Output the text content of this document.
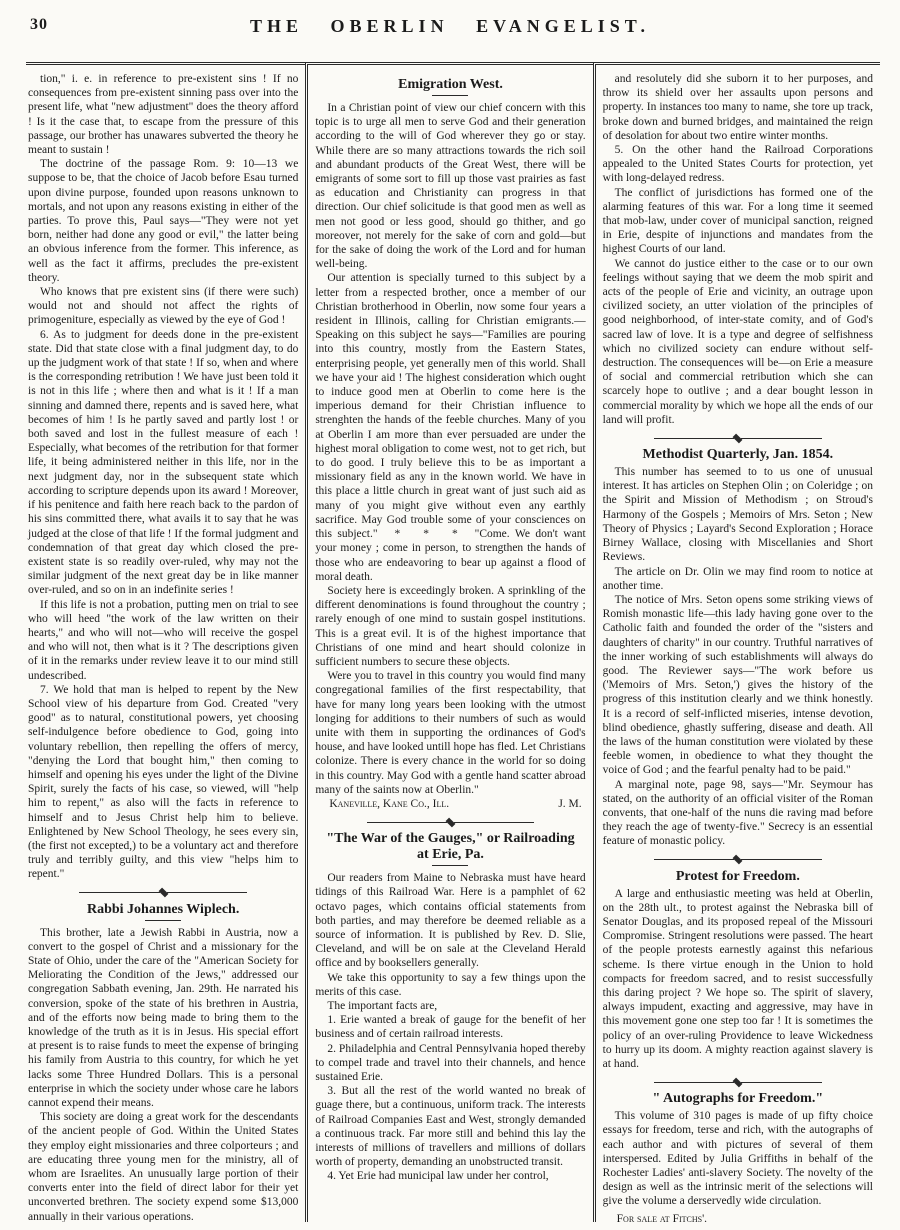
30	THE OBERLIN EVANGELIST.

tion," i. e. in reference to pre-existent sins ! If no consequences from pre-existent sinning pass over into the present life, what "new adjustment" does the theory afford ! Is it the case that, to escape from the pressure of this passage, our brother has unawares subverted the theory he meant to sustain !

The doctrine of the passage Rom. 9: 10—13 we suppose to be, that the choice of Jacob before Esau turned upon divine purpose, founded upon reasons unknown to mortals, and not upon any reasons existing in either of the parties. To prove this, Paul says—"They were not yet born, neither had done any good or evil," the latter being an obvious inference from the former. This inference, as well as the fact it affirms, precludes the pre-existent theory.

Who knows that pre existent sins (if there were such) would not and should not affect the rights of primogeniture, especially as viewed by the eye of God !

6. As to judgment for deeds done in the pre-existent state. Did that state close with a final judgment day, to do up the judgment work of that state ! If so, when and where is the corresponding retribution ! We have just been told it is not in this life ; where then and what is it ! If a man sinning and damned there, repents and is saved here, what becomes of him ! Is he partly saved and partly lost ! or both saved and lost in the fullest measure of each ! Especially, what becomes of the retribution for that former life, it being administered neither in this life, nor in the next judgment day, nor in the subsequent state which according to scripture depends upon its award ! Moreover, if his penitence and faith here reach back to the pardon of his sins committed there, what avails it to say that he was judged at the close of that life ! If the formal judgment and condemnation of that great day which closed the pre-existent state is so readily over-ruled, why may not the similar judgment of the next great day be in like manner over-ruled, and so on in an indefinite series !

If this life is not a probation, putting men on trial to see who will heed "the work of the law written on their hearts," and who will not—who will receive the gospel and who will not, then what is it ? The descriptions given of it in the remarks under review leave it to our mind still undescribed.

7. We hold that man is helped to repent by the New School view of his departure from God. Created "very good" as to natural, constitutional powers, yet choosing self-indulgence before obedience to God, going into voluntary rebellion, then repelling the offers of mercy, "denying the Lord that bought him," then coming to himself and opening his eyes under the light of the Divine Spirit, surely the facts of his case, so viewed, will "help him to repent," as also will the facts in reference to himself and to Jesus Christ help him to believe. Enlightened by New School Theology, he sees every sin, (the first not excepted,) to be a voluntary act and therefore truly and terribly guilty, and this view "helps him to repent."

Rabbi Johannes Wiplech.

This brother, late a Jewish Rabbi in Austria, now a convert to the gospel of Christ and a missionary for the State of Ohio, under the care of the "American Society for Meliorating the Condition of the Jews," addressed our congregation Sabbath evening, Jan. 29th. He narrated his conversion, spoke of the state of his brethren in Austria, and of the efforts now being made to bring them to the knowledge of the truth as it is in Jesus. His special effort at present is to raise funds to meet the expense of bringing his family from Austria to this country, for which he yet lacks some Three Hundred Dollars. This is a personal enterprise in which the society under whose care he labors cannot expend their means.

This society are doing a great work for the descendants of the ancient people of God. Within the United States they employ eight missionaries and three colporteurs ; and are educating three young men for the ministry, all of whom are Israelites. An unusually large portion of their converts enter into the field of direct labor for their yet unconverted brethren. The society expend some $13,000 annually in their various operations.

Emigration West.

In a Christian point of view our chief concern with this topic is to urge all men to serve God and their generation according to the will of God wherever they go or stay. While there are so many attractions towards the rich soil and abundant products of the Great West, there will be emigrants of some sort to fill up those vast prairies as fast as education and Christianity can progress in that direction. Our chief solicitude is that good men as well as men not good or less good, should go thither, and go moreover, not merely for the sake of corn and gold—but for the sake of doing the work of the Lord and for human well-being.

Our attention is specially turned to this subject by a letter from a respected brother, once a member of our Christian brotherhood in Oberlin, now some four years a resident in Illinois, calling for Christian emigrants.— Speaking on this subject he says—"Families are pouring into this country, mostly from the Eastern States, enterprising people, yet generally men of this world. Shall we have your aid ! The highest consideration which ought to induce good men at Oberlin to come here is the imperious demand for their Christian influence to strenghten the hands of the feeble churches. Many of you at Oberlin I am more than ever persuaded are under the highest moral obligation to come west, not to get rich, but to do good. I truly believe this to be as important a missionary field as any in the known world. We have in this place a little church in great want of just such aid as many of you might give without even any earthly sacrifice. May God trouble some of your consciences on this subject."  *  *  *  "Come. We don't want your money ; come in person, to strengthen the hands of those who are endeavoring to bear up against a flood of moral death.

Society here is exceedingly broken. A sprinkling of the different denominations is found throughout the country ; rarely enough of one mind to sustain gospel institutions. This is a great evil. It is of the highest importance that Christians of one mind and heart should colonize in sufficient numbers to secure these objects.

Were you to travel in this country you would find many congregational families of the first respectability, that have for many long years been looking with the utmost longing for additions to their numbers of such as would unite with them in supporting the ordinances of God's house, and have looked untill hope has fled. Let Christians colonize. There is every chance in the world for so doing in this country. May God with a gentle hand scatter abroad many of the saints now at Oberlin."

Kaneville, Kane Co., Ill.	J. M.
"The War of the Gauges," or Railroading at Erie, Pa.

Our readers from Maine to Nebraska must have heard tidings of this Railroad War. Here is a pamphlet of 62 octavo pages, which contains official statements from both parties, and may therefore be deemed reliable as a source of information. It is published by Rev. D. Slie, Cleveland, and will be on sale at the Cleveland Herald office and by booksellers generally.

We take this opportunity to say a few things upon the merits of this case.

The important facts are,

1. Erie wanted a break of gauge for the benefit of her business and of certain railroad interests.

2. Philadelphia and Central Pennsylvania hoped thereby to compel trade and travel into their channels, and hence sustained Erie.

3. But all the rest of the world wanted no break of guage there, but a continuous, uniform track. The interests of Railroad Companies East and West, strongly demanded a continuous track. Far more still and behind this lay the interests of millions of travellers and millions of dollars worth of property, demanding an unobstructed transit.

4. Yet Erie had municipal law under her control,

and resolutely did she suborn it to her purposes, and throw its shield over her assaults upon persons and property. In instances too many to name, she tore up track, broke down and burned bridges, and maintained the reign of desolation for about two entire winter months.

5. On the other hand the Railroad Corporations appealed to the United States Courts for protection, yet with long-delayed redress.

The conflict of jurisdictions has formed one of the alarming features of this war. For a long time it seemed that mob-law, under cover of municipal sanction, reigned in Erie, despite of injunctions and mandates from the highest Courts of our land.

We cannot do justice either to the case or to our own feelings without saying that we deem the mob spirit and acts of the people of Erie and vicinity, an outrage upon civilized society, an utter violation of the principles of good neighborhood, of inter-state comity, and of God's sacred law of love. It is a type and degree of selfishness which no civilized society can endure without self-destruction. The consequences will be—on Erie a measure of social and commercial retribution which she can scarcely hope to outlive ; and a dear bought lesson in commercial morality by which we hope all the ends of our land will profit.

Methodist Quarterly, Jan. 1854.

This number has seemed to to us one of unusual interest. It has articles on Stephen Olin ; on Coleridge ; on the Spirit and Mission of Methodism ; on Stroud's Harmony of the Gospels ; Memoirs of Mrs. Seton ; New Theory of Physics ; Layard's Second Exploration ; Horace Birney Wallace, closing with Miscellanies and Short Reviews.

The article on Dr. Olin we may find room to notice at another time.

The notice of Mrs. Seton opens some striking views of Romish monastic life—this lady having gone over to the Catholic faith and founded the order of the "sisters and daughters of charity" in our country. Truthful narratives of the inner working of such establishments will always do good. The Reviewer says—"The work before us ('Memoirs of Mrs. Seton,') gives the history of the progress of this institution clearly and we think honestly. It is a record of self-inflicted miseries, intense devotion, blind obedience, ghastly suffering, disease and death. All the laws of the human constitution were violated by these feeble women, in obedience to what they thought the voice of God ; and the fearful penalty had to be paid."

A marginal note, page 98, says—"Mr. Seymour has stated, on the authority of an official visiter of the Roman convents, that one-half of the nuns die raving mad before they reach the age of twenty-five." Secrecy is an essential feature of monastic policy.

Protest for Freedom.

A large and enthusiastic meeting was held at Oberlin, on the 28th ult., to protest against the Nebraska bill of Senator Douglas, and its proposed repeal of the Missouri Compromise. Stringent resolutions were passed. The heart of the people protests earnestly against this nefarious scheme. Is there virtue enough in the Union to hold compacts for freedom sacred, and to resist successfully this daring project ? We hope so. The spirit of slavery, always impudent, exacting and aggressive, may have in this movement gone one step too far ! It is sometimes the policy of an over-ruling Providence to leave Wickedness to hurry up its doom. A mighty reaction against slavery is at hand.

" Autographs for Freedom."

This volume of 310 pages is made of up fifty choice essays for freedom, terse and rich, with the autographs of each author and with pictures of several of them interspersed. Edited by Julia Griffiths in behalf of the Rochester Ladies' anti-slavery Society. The novelty of the design as well as the intrinsic merit of the selections will give the volume a derservedly wide circulation.

For sale at Fitchs'.
